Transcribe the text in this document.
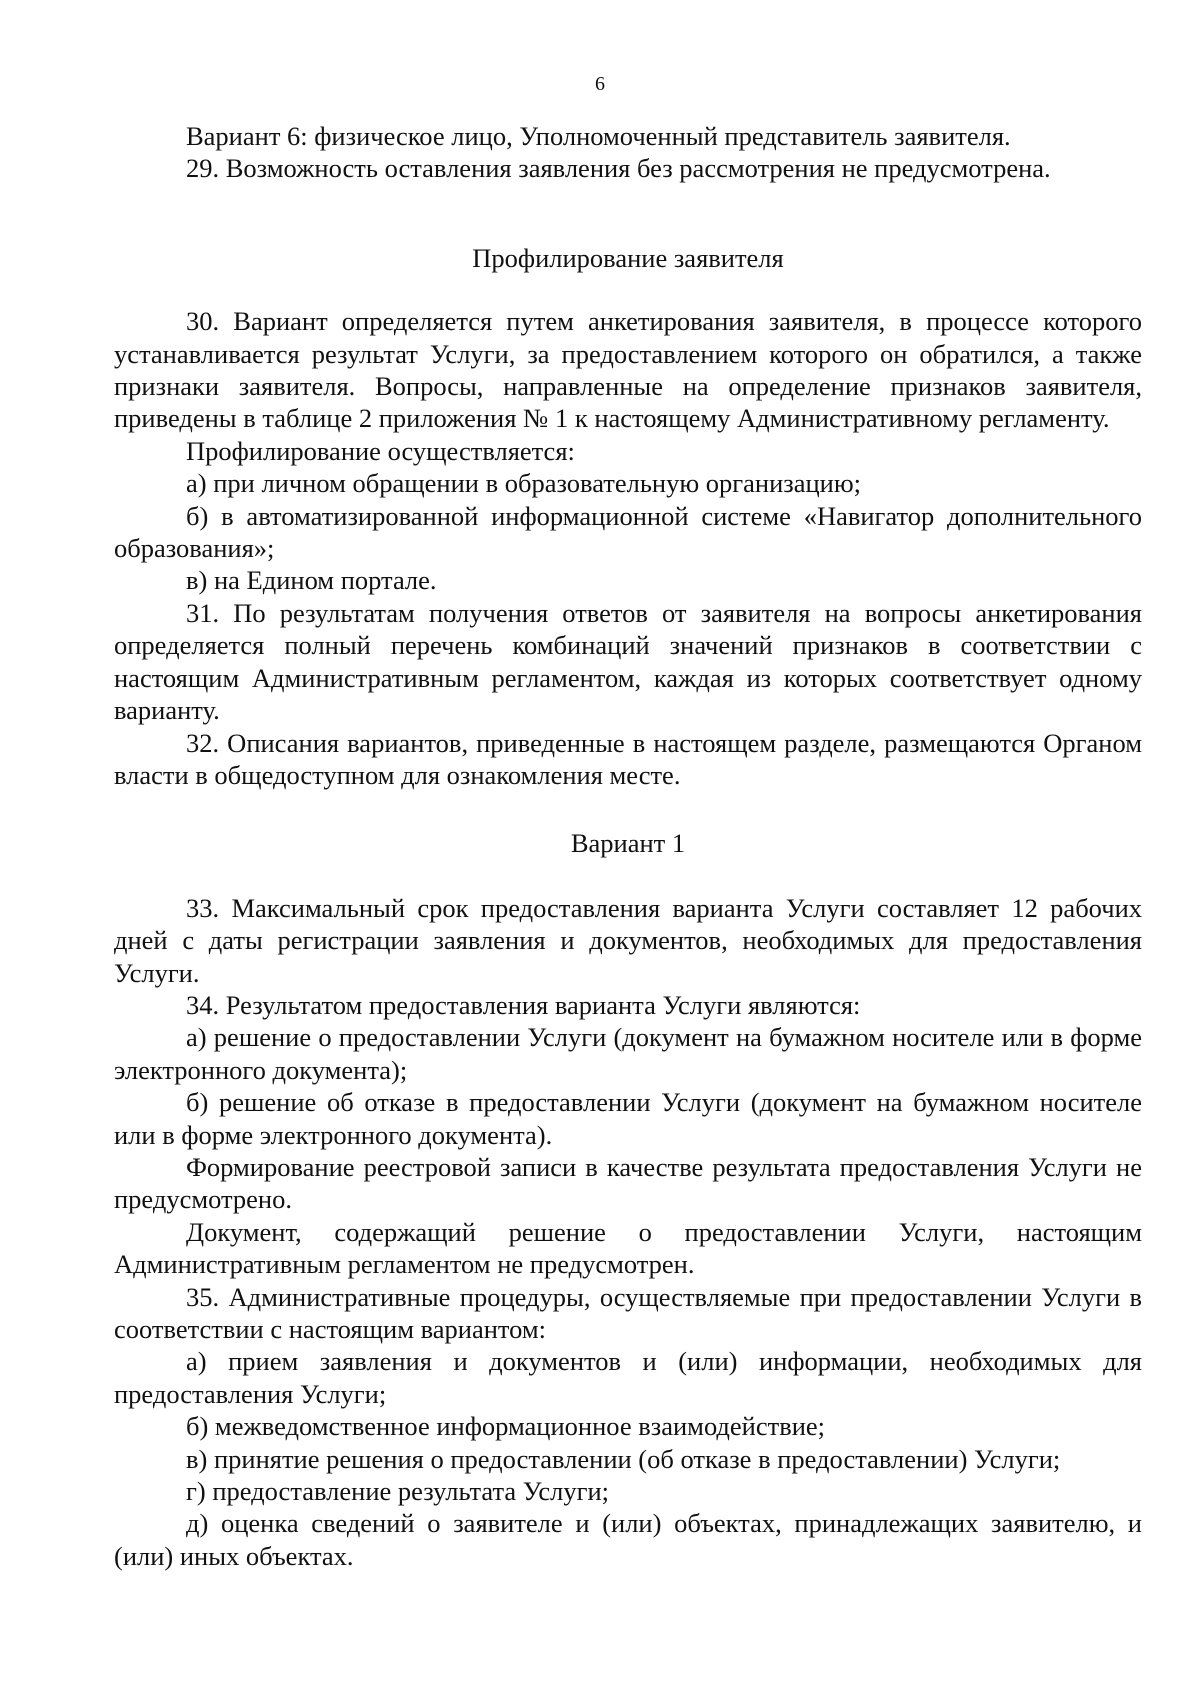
6

Вариант 6: физическое лицо, Уполномоченный представитель заявителя.

29. Возможность оставления заявления без рассмотрения не предусмотрена.

Профилирование заявителя

30. Вариант определяется путем анкетирования заявителя, в процессе которого устанавливается результат Услуги, за предоставлением которого он обратился, а также признаки заявителя. Вопросы, направленные на определение признаков заявителя, приведены в таблице 2 приложения № 1 к настоящему Административному регламенту.

Профилирование осуществляется:

а) при личном обращении в образовательную организацию;

б) в автоматизированной информационной системе «Навигатор дополнительного образования»;

в) на Едином портале.

31. По результатам получения ответов от заявителя на вопросы анкетирования определяется полный перечень комбинаций значений признаков в соответствии с настоящим Административным регламентом, каждая из которых соответствует одному варианту.

32. Описания вариантов, приведенные в настоящем разделе, размещаются Органом власти в общедоступном для ознакомления месте.

Вариант 1

33. Максимальный срок предоставления варианта Услуги составляет 12 рабочих дней с даты регистрации заявления и документов, необходимых для предоставления Услуги.

34. Результатом предоставления варианта Услуги являются:

а) решение о предоставлении Услуги (документ на бумажном носителе или в форме электронного документа);

б) решение об отказе в предоставлении Услуги (документ на бумажном носителе или в форме электронного документа).

Формирование реестровой записи в качестве результата предоставления Услуги не предусмотрено.

Документ, содержащий решение о предоставлении Услуги, настоящим Административным регламентом не предусмотрен.

35. Административные процедуры, осуществляемые при предоставлении Услуги в соответствии с настоящим вариантом:

а) прием заявления и документов и (или) информации, необходимых для предоставления Услуги;

б) межведомственное информационное взаимодействие;

в) принятие решения о предоставлении (об отказе в предоставлении) Услуги;

г) предоставление результата Услуги;

д) оценка сведений о заявителе и (или) объектах, принадлежащих заявителю, и (или) иных объектах.
